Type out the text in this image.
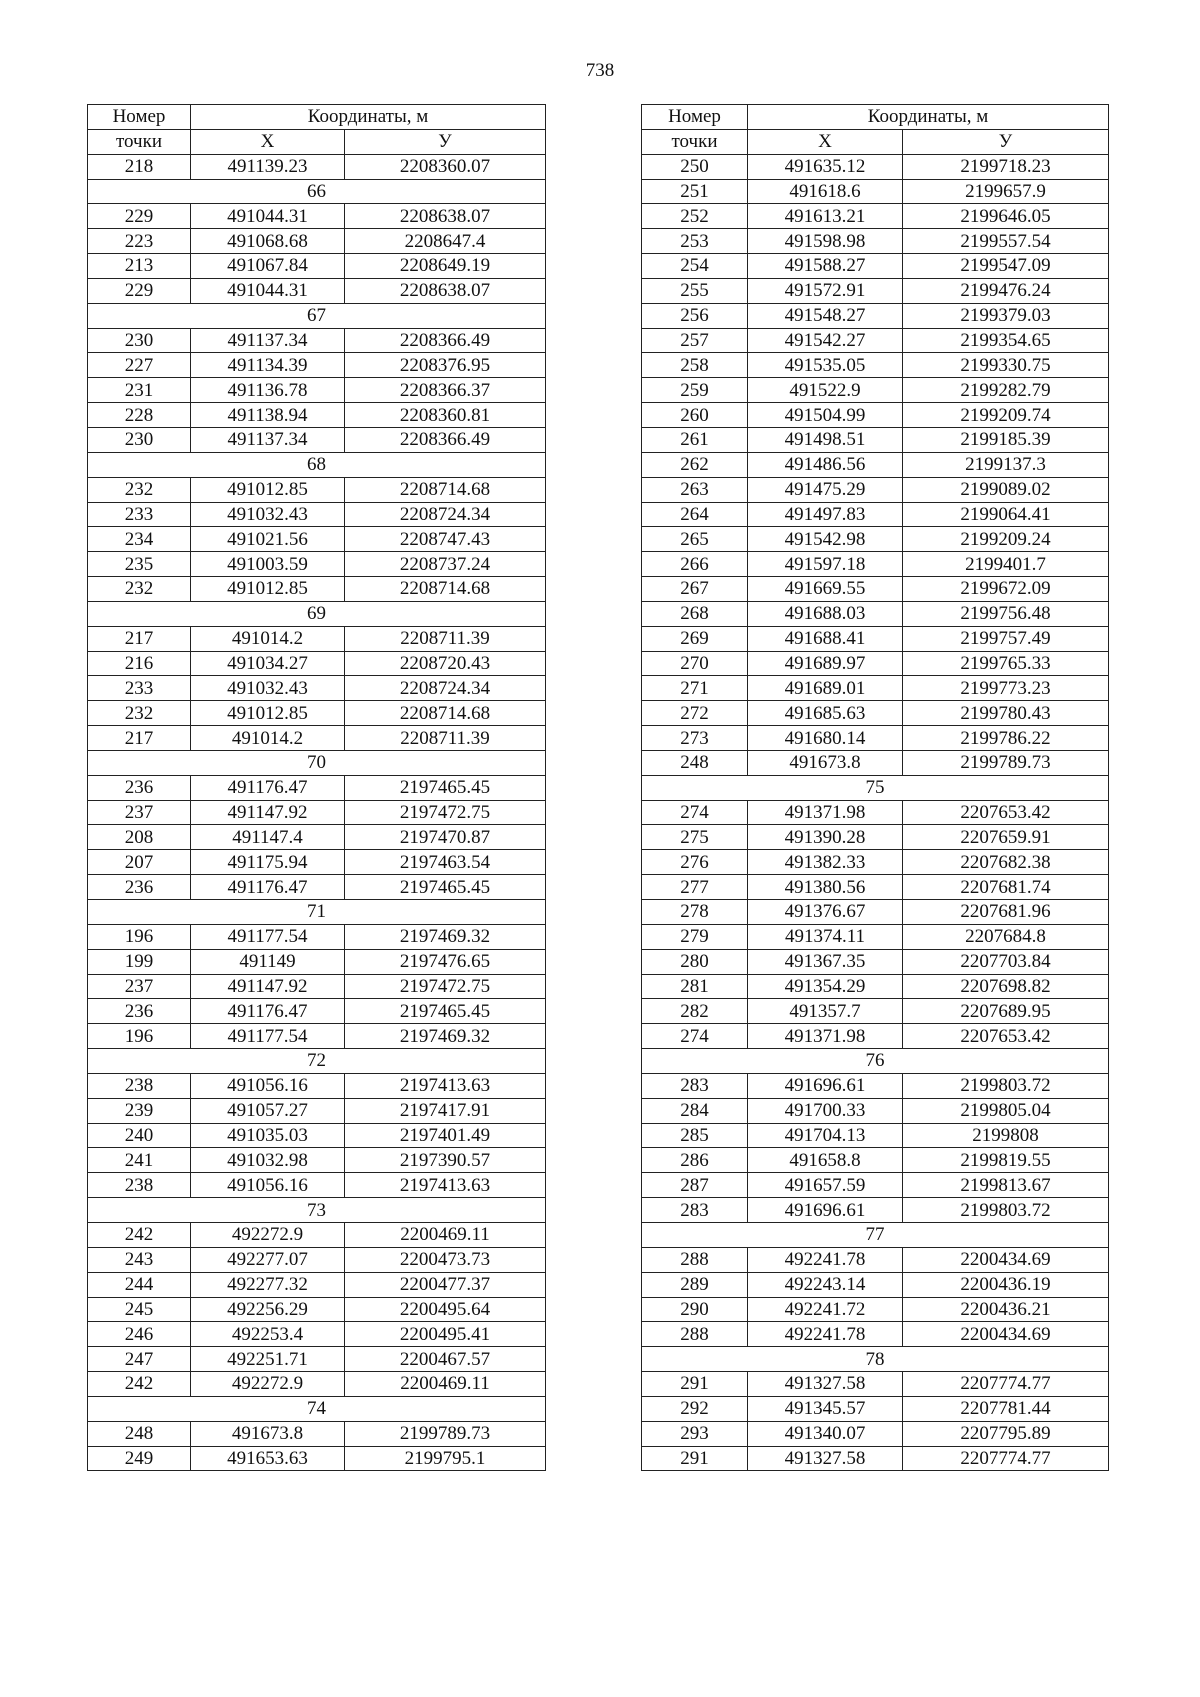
738
Номер	Координаты, м	
точки	X	У
218	491139.23	2208360.07
66		
229	491044.31	2208638.07
223	491068.68	2208647.4
213	491067.84	2208649.19
229	491044.31	2208638.07
67		
230	491137.34	2208366.49
227	491134.39	2208376.95
231	491136.78	2208366.37
228	491138.94	2208360.81
230	491137.34	2208366.49
68		
232	491012.85	2208714.68
233	491032.43	2208724.34
234	491021.56	2208747.43
235	491003.59	2208737.24
232	491012.85	2208714.68
69		
217	491014.2	2208711.39
216	491034.27	2208720.43
233	491032.43	2208724.34
232	491012.85	2208714.68
217	491014.2	2208711.39
70		
236	491176.47	2197465.45
237	491147.92	2197472.75
208	491147.4	2197470.87
207	491175.94	2197463.54
236	491176.47	2197465.45
71		
196	491177.54	2197469.32
199	491149	2197476.65
237	491147.92	2197472.75
236	491176.47	2197465.45
196	491177.54	2197469.32
72		
238	491056.16	2197413.63
239	491057.27	2197417.91
240	491035.03	2197401.49
241	491032.98	2197390.57
238	491056.16	2197413.63
73		
242	492272.9	2200469.11
243	492277.07	2200473.73
244	492277.32	2200477.37
245	492256.29	2200495.64
246	492253.4	2200495.41
247	492251.71	2200467.57
242	492272.9	2200469.11
74		
248	491673.8	2199789.73
249	491653.63	2199795.1
Номер	Координаты, м	
точки	X	У
250	491635.12	2199718.23
251	491618.6	2199657.9
252	491613.21	2199646.05
253	491598.98	2199557.54
254	491588.27	2199547.09
255	491572.91	2199476.24
256	491548.27	2199379.03
257	491542.27	2199354.65
258	491535.05	2199330.75
259	491522.9	2199282.79
260	491504.99	2199209.74
261	491498.51	2199185.39
262	491486.56	2199137.3
263	491475.29	2199089.02
264	491497.83	2199064.41
265	491542.98	2199209.24
266	491597.18	2199401.7
267	491669.55	2199672.09
268	491688.03	2199756.48
269	491688.41	2199757.49
270	491689.97	2199765.33
271	491689.01	2199773.23
272	491685.63	2199780.43
273	491680.14	2199786.22
248	491673.8	2199789.73
75		
274	491371.98	2207653.42
275	491390.28	2207659.91
276	491382.33	2207682.38
277	491380.56	2207681.74
278	491376.67	2207681.96
279	491374.11	2207684.8
280	491367.35	2207703.84
281	491354.29	2207698.82
282	491357.7	2207689.95
274	491371.98	2207653.42
76		
283	491696.61	2199803.72
284	491700.33	2199805.04
285	491704.13	2199808
286	491658.8	2199819.55
287	491657.59	2199813.67
283	491696.61	2199803.72
77		
288	492241.78	2200434.69
289	492243.14	2200436.19
290	492241.72	2200436.21
288	492241.78	2200434.69
78		
291	491327.58	2207774.77
292	491345.57	2207781.44
293	491340.07	2207795.89
291	491327.58	2207774.77
